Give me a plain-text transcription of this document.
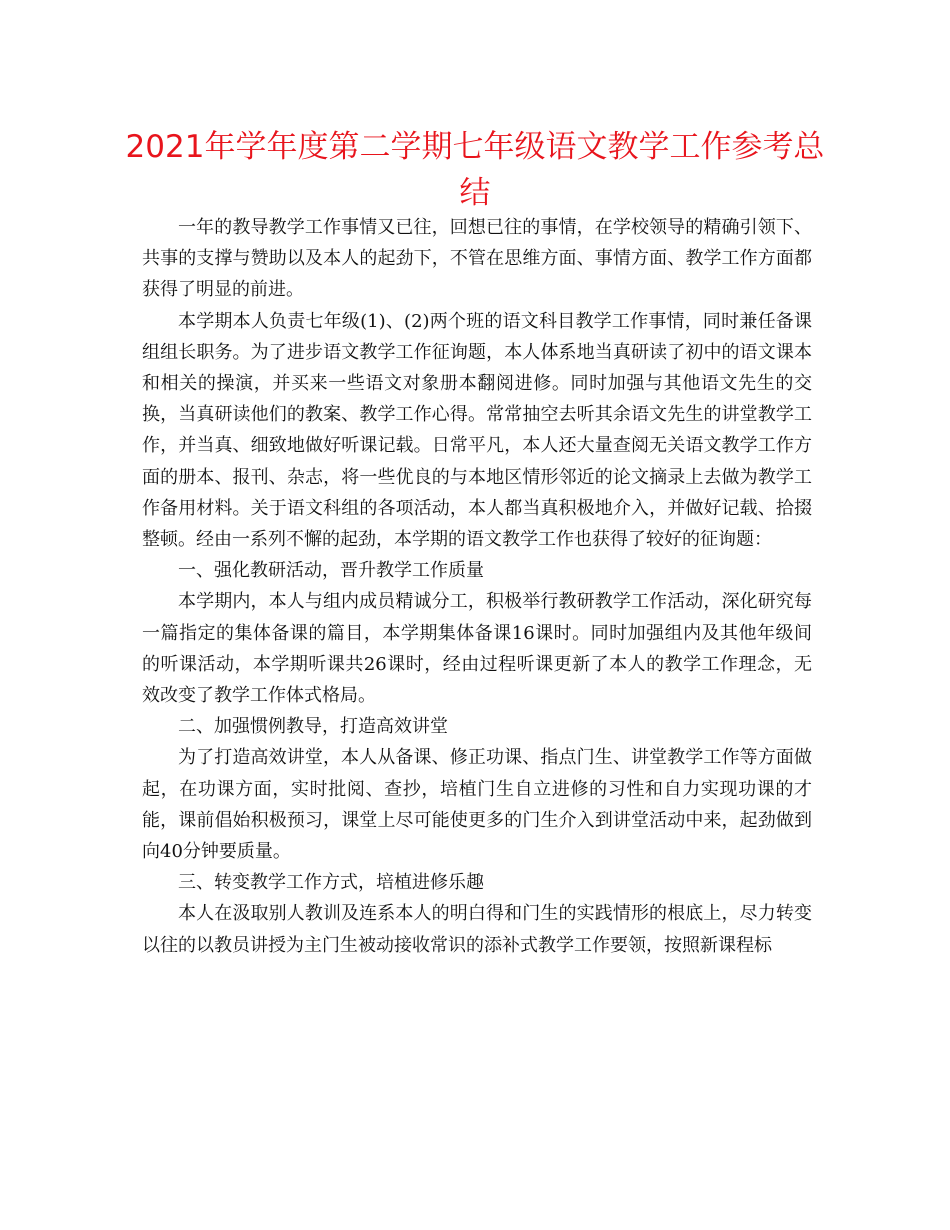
2021年学年度第二学期七年级语文教学工作参考总结

一年的教导教学工作事情又已往，回想已往的事情，在学校领导的精确引领下、共事的支撑与赞助以及本人的起劲下，不管在思维方面、事情方面、教学工作方面都获得了明显的前进。

本学期本人负责七年级(1)、(2)两个班的语文科目教学工作事情，同时兼任备课组组长职务。为了进步语文教学工作征询题，本人体系地当真研读了初中的语文课本和相关的操演，并买来一些语文对象册本翻阅进修。同时加强与其他语文先生的交换，当真研读他们的教案、教学工作心得。常常抽空去听其余语文先生的讲堂教学工作，并当真、细致地做好听课记载。日常平凡，本人还大量查阅无关语文教学工作方面的册本、报刊、杂志，将一些优良的与本地区情形邻近的论文摘录上去做为教学工作备用材料。关于语文科组的各项活动，本人都当真积极地介入，并做好记载、拾掇整顿。经由一系列不懈的起劲，本学期的语文教学工作也获得了较好的征询题：

一、强化教研活动，晋升教学工作质量

本学期内，本人与组内成员精诚分工，积极举行教研教学工作活动，深化研究每一篇指定的集体备课的篇目，本学期集体备课16课时。同时加强组内及其他年级间的听课活动，本学期听课共26课时，经由过程听课更新了本人的教学工作理念，无效改变了教学工作体式格局。

二、加强惯例教导，打造高效讲堂

为了打造高效讲堂，本人从备课、修正功课、指点门生、讲堂教学工作等方面做起，在功课方面，实时批阅、查抄，培植门生自立进修的习性和自力实现功课的才能，课前倡始积极预习，课堂上尽可能使更多的门生介入到讲堂活动中来，起劲做到向40分钟要质量。

三、转变教学工作方式，培植进修乐趣

本人在汲取别人教训及连系本人的明白得和门生的实践情形的根底上，尽力转变以往的以教员讲授为主门生被动接收常识的添补式教学工作要领，按照新课程标
